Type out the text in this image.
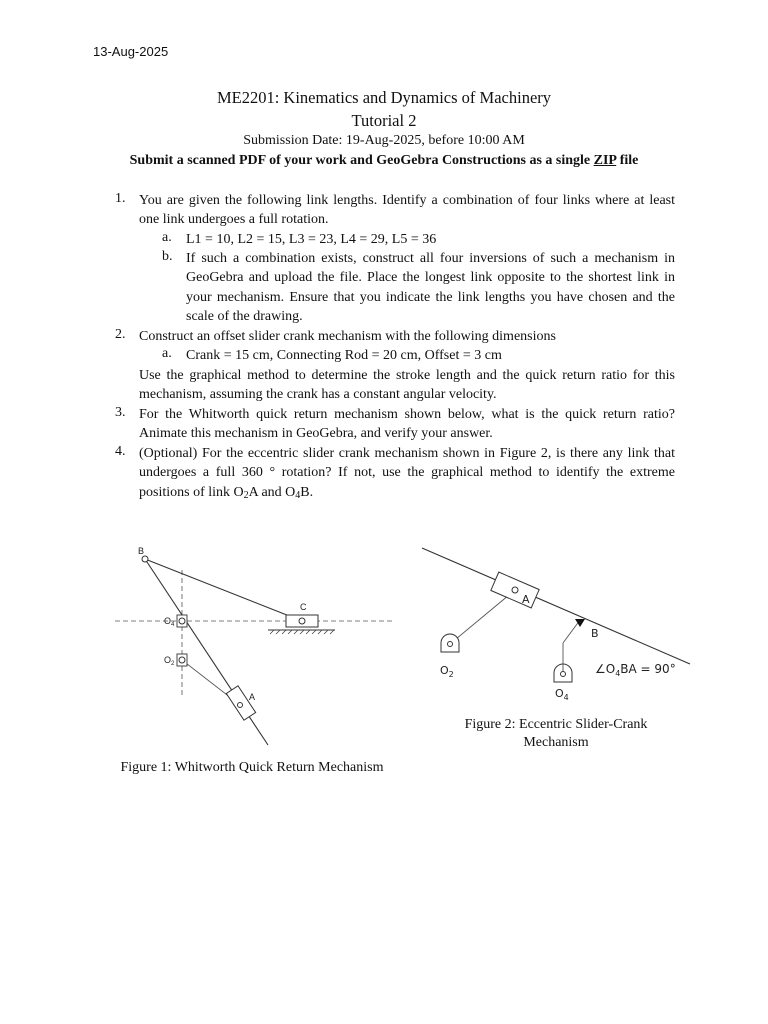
13-Aug-2025
ME2201: Kinematics and Dynamics of Machinery
Tutorial 2
Submission Date: 19-Aug-2025, before 10:00 AM
Submit a scanned PDF of your work and GeoGebra Constructions as a single ZIP file
1. You are given the following link lengths. Identify a combination of four links where at least one link undergoes a full rotation.
a. L1 = 10, L2 = 15, L3 = 23, L4 = 29, L5 = 36
b. If such a combination exists, construct all four inversions of such a mechanism in GeoGebra and upload the file. Place the longest link opposite to the shortest link in your mechanism. Ensure that you indicate the link lengths you have chosen and the scale of the drawing.
2. Construct an offset slider crank mechanism with the following dimensions
a. Crank = 15 cm, Connecting Rod = 20 cm, Offset = 3 cm
Use the graphical method to determine the stroke length and the quick return ratio for this mechanism, assuming the crank has a constant angular velocity.
3. For the Whitworth quick return mechanism shown below, what is the quick return ratio? Animate this mechanism in GeoGebra, and verify your answer.
4. (Optional) For the eccentric slider crank mechanism shown in Figure 2, is there any link that undergoes a full 360 ° rotation? If not, use the graphical method to identify the extreme positions of link $O_2A$ and $O_4B$.
B
C
A
$O_4$
$O_2$
Figure 1: Whitworth Quick Return Mechanism
A
B
$O_2$
$O_4$
$\angle O_4BA = 90^\circ$
Figure 2: Eccentric Slider-Crank Mechanism
